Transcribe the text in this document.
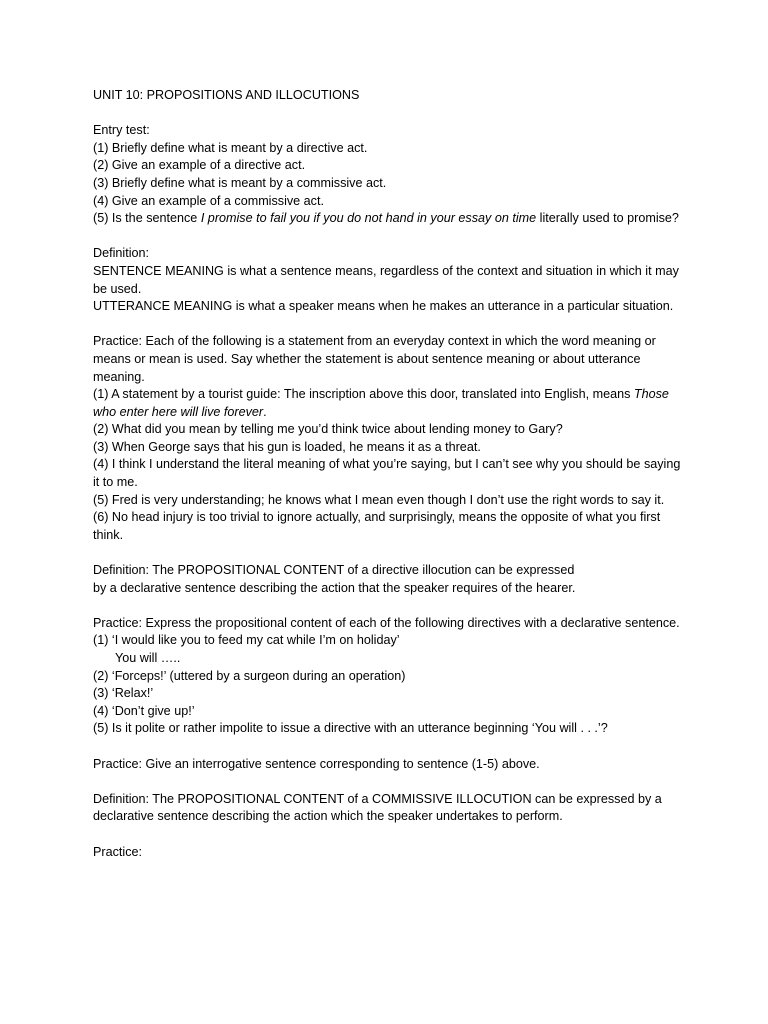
UNIT 10: PROPOSITIONS AND ILLOCUTIONS

Entry test:

(1) Briefly define what is meant by a directive act.

(2) Give an example of a directive act.

(3) Briefly define what is meant by a commissive act.

(4) Give an example of a commissive act.

(5) Is the sentence I promise to fail you if you do not hand in your essay on time literally used to promise?

Definition:

SENTENCE MEANING is what a sentence means, regardless of the context and situation in which it may be used.

UTTERANCE MEANING is what a speaker means when he makes an utterance in a particular situation.

Practice: Each of the following is a statement from an everyday context in which the word meaning or means or mean is used. Say whether the statement is about sentence meaning or about utterance meaning.

(1) A statement by a tourist guide: The inscription above this door, translated into English, means Those who enter here will live forever.

(2) What did you mean by telling me you’d think twice about lending money to Gary?

(3) When George says that his gun is loaded, he means it as a threat.

(4) I think I understand the literal meaning of what you’re saying, but I can’t see why you should be saying it to me.

(5) Fred is very understanding; he knows what I mean even though I don’t use the right words to say it.

(6) No head injury is too trivial to ignore actually, and surprisingly, means the opposite of what you first think.

Definition: The PROPOSITIONAL CONTENT of a directive illocution can be expressed

by a declarative sentence describing the action that the speaker requires of the hearer.

Practice: Express the propositional content of each of the following directives with a declarative sentence.

(1) ‘I would like you to feed my cat while I’m on holiday’

You will …..

(2) ‘Forceps!’ (uttered by a surgeon during an operation)

(3) ‘Relax!’

(4) ‘Don’t give up!’

(5) Is it polite or rather impolite to issue a directive with an utterance beginning ‘You will . . .’?

Practice: Give an interrogative sentence corresponding to sentence (1-5) above.

Definition: The PROPOSITIONAL CONTENT of a COMMISSIVE ILLOCUTION can be expressed by a declarative sentence describing the action which the speaker undertakes to perform.

Practice:
